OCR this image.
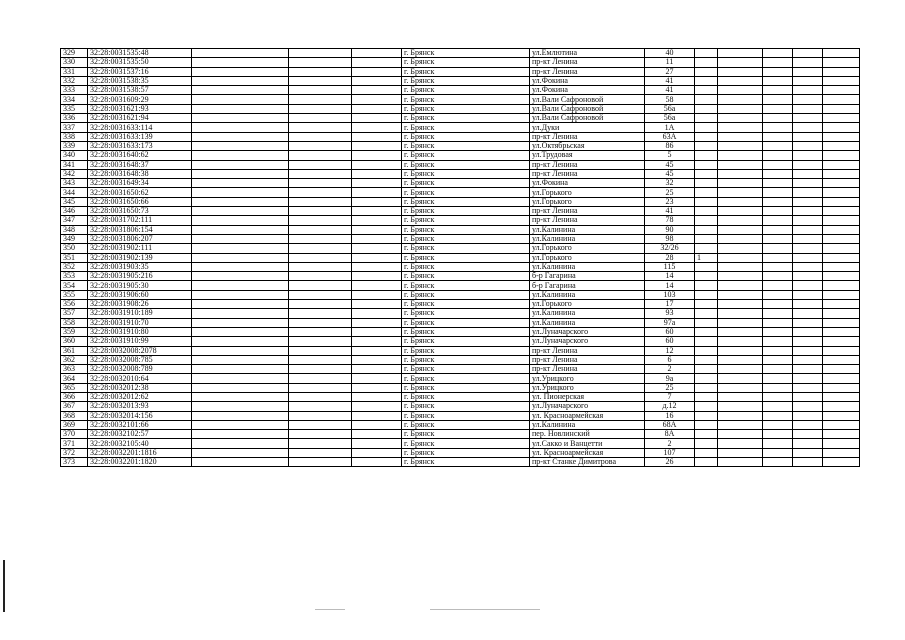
329	32:28:0031535:48				г. Брянск	ул.Емлютина	40					
330	32:28:0031535:50				г. Брянск	пр-кт Ленина	11					
331	32:28:0031537:16				г. Брянск	пр-кт Ленина	27					
332	32:28:0031538:35				г. Брянск	ул.Фокина	41					
333	32:28:0031538:57				г. Брянск	ул.Фокина	41					
334	32:28:0031609:29				г. Брянск	ул.Вали Сафроновой	58					
335	32:28:0031621:93				г. Брянск	ул.Вали Сафроновой	56а					
336	32:28:0031621:94				г. Брянск	ул.Вали Сафроновой	56а					
337	32:28:0031633:114				г. Брянск	ул.Дуки	1А					
338	32:28:0031633:139				г. Брянск	пр-кт Ленина	63А					
339	32:28:0031633:173				г. Брянск	ул.Октябрьская	86					
340	32:28:0031640:62				г. Брянск	ул.Трудовая	5					
341	32:28:0031648:37				г. Брянск	пр-кт Ленина	45					
342	32:28:0031648:38				г. Брянск	пр-кт Ленина	45					
343	32:28:0031649:34				г. Брянск	ул.Фокина	32					
344	32:28:0031650:62				г. Брянск	ул.Горького	25					
345	32:28:0031650:66				г. Брянск	ул.Горького	23					
346	32:28:0031650:73				г. Брянск	пр-кт Ленина	41					
347	32:28:0031702:111				г. Брянск	пр-кт Ленина	78					
348	32:28:0031806:154				г. Брянск	ул.Калинина	90					
349	32:28:0031806:207				г. Брянск	ул.Калинина	98					
350	32:28:0031902:111				г. Брянск	ул.Горького	32/26					
351	32:28:0031902:139				г. Брянск	ул.Горького	28	1				
352	32:28:0031903:35				г. Брянск	ул.Калинина	115					
353	32:28:0031905:216				г. Брянск	б-р Гагарина	14					
354	32:28:0031905:30				г. Брянск	б-р Гагарина	14					
355	32:28:0031906:60				г. Брянск	ул.Калинина	103					
356	32:28:0031908:26				г. Брянск	ул.Горького	17					
357	32:28:0031910:189				г. Брянск	ул.Калинина	93					
358	32:28:0031910:70				г. Брянск	ул.Калинина	97а					
359	32:28:0031910:80				г. Брянск	ул.Луначарского	60					
360	32:28:0031910:99				г. Брянск	ул.Луначарского	60					
361	32:28:0032008:2078				г. Брянск	пр-кт Ленина	12					
362	32:28:0032008:785				г. Брянск	пр-кт Ленина	6					
363	32:28:0032008:789				г. Брянск	пр-кт Ленина	2					
364	32:28:0032010:64				г. Брянск	ул.Урицкого	9а					
365	32:28:0032012:38				г. Брянск	ул.Урицкого	25					
366	32:28:0032012:62				г. Брянск	ул. Пионерская	7					
367	32:28:0032013:93				г. Брянск	ул.Луначарского	д.12					
368	32:28:0032014:156				г. Брянск	ул. Красноармейская	16					
369	32:28:0032101:66				г. Брянск	ул.Калинина	68А					
370	32:28:0032102:57				г. Брянск	пер. Новлинский	8А					
371	32:28:0032105:40				г. Брянск	ул.Сакко и Ванцетти	2					
372	32:28:0032201:1816				г. Брянск	ул. Красноармейская	107					
373	32:28:0032201:1820				г. Брянск	пр-кт Станке Димитрова	26					
